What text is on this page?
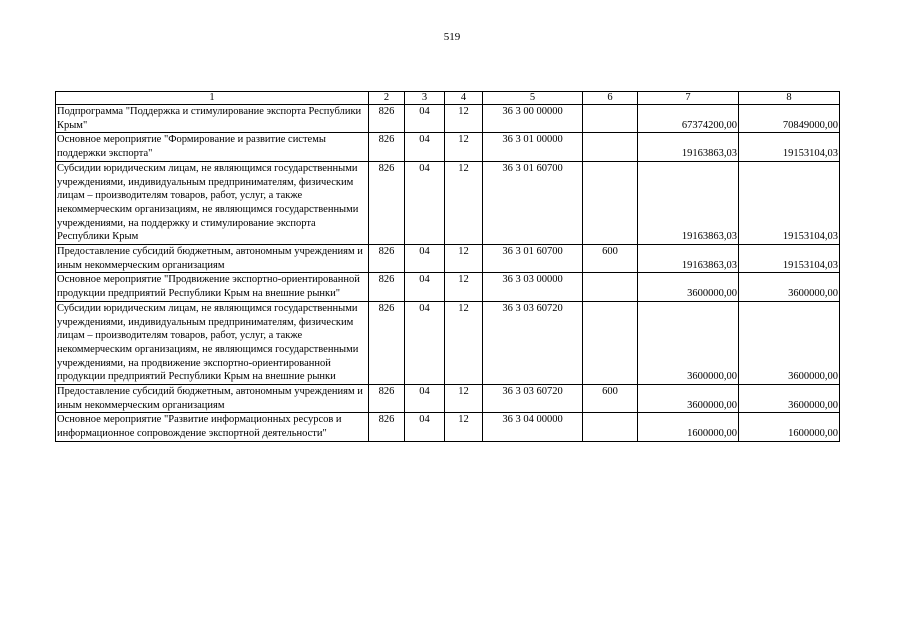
519
1	2	3	4	5	6	7	8
Подпрограмма "Поддержка и стимулирование экспорта Республики Крым"	826	04	12	36 3 00 00000		67374200,00	70849000,00

Основное мероприятие "Формирование и развитие системы поддержки экспорта"	826	04	12	36 3 01 00000		19163863,03	19153104,03

Субсидии юридическим лицам, не являющимся государственными учреждениями, индивидуальным предпринимателям, физическим лицам – производителям товаров, работ, услуг, а также некоммерческим организациям, не являющимся государственными учреждениями, на поддержку и стимулирование экспорта Республики Крым	826	04	12	36 3 01 60700		19163863,03	19153104,03

Предоставление субсидий бюджетным, автономным учреждениям и иным некоммерческим организациям	826	04	12	36 3 01 60700	600	19163863,03	19153104,03

Основное мероприятие "Продвижение экспортно-ориентированной продукции предприятий Республики Крым на внешние рынки"	826	04	12	36 3 03 00000		3600000,00	3600000,00

Субсидии юридическим лицам, не являющимся государственными учреждениями, индивидуальным предпринимателям, физическим лицам – производителям товаров, работ, услуг, а также некоммерческим организациям, не являющимся государственными учреждениями, на продвижение экспортно-ориентированной продукции предприятий Республики Крым на внешние рынки	826	04	12	36 3 03 60720		3600000,00	3600000,00

Предоставление субсидий бюджетным, автономным учреждениям и иным некоммерческим организациям	826	04	12	36 3 03 60720	600	3600000,00	3600000,00

Основное мероприятие "Развитие информационных ресурсов и информационное сопровождение экспортной деятельности"	826	04	12	36 3 04 00000		1600000,00	1600000,00
